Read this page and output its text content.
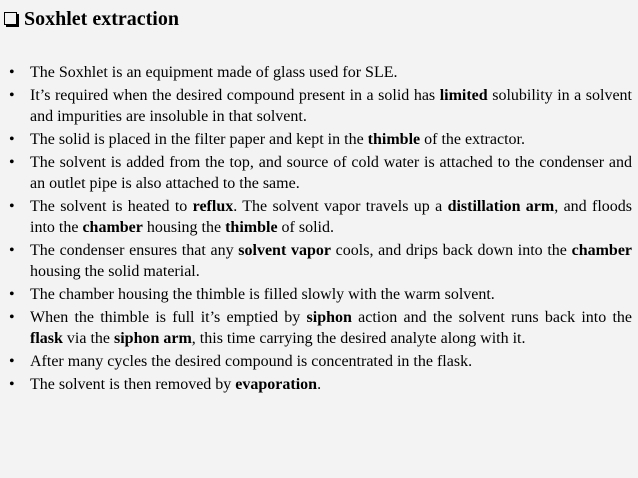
Soxhlet extraction
• The Soxhlet is an equipment made of glass used for SLE.
• It’s required when the desired compound present in a solid has limited solubility in a solvent and impurities are insoluble in that solvent.
• The solid is placed in the filter paper and kept in the thimble of the extractor.
• The solvent is added from the top, and source of cold water is attached to the condenser and an outlet pipe is also attached to the same.
• The solvent is heated to reflux. The solvent vapor travels up a distillation arm, and floods into the chamber housing the thimble of solid.
• The condenser ensures that any solvent vapor cools, and drips back down into the chamber housing the solid material.
• The chamber housing the thimble is filled slowly with the warm solvent.
• When the thimble is full it’s emptied by siphon action and the solvent runs back into the flask via the siphon arm, this time carrying the desired analyte along with it.
• After many cycles the desired compound is concentrated in the flask.
• The solvent is then removed by evaporation.
